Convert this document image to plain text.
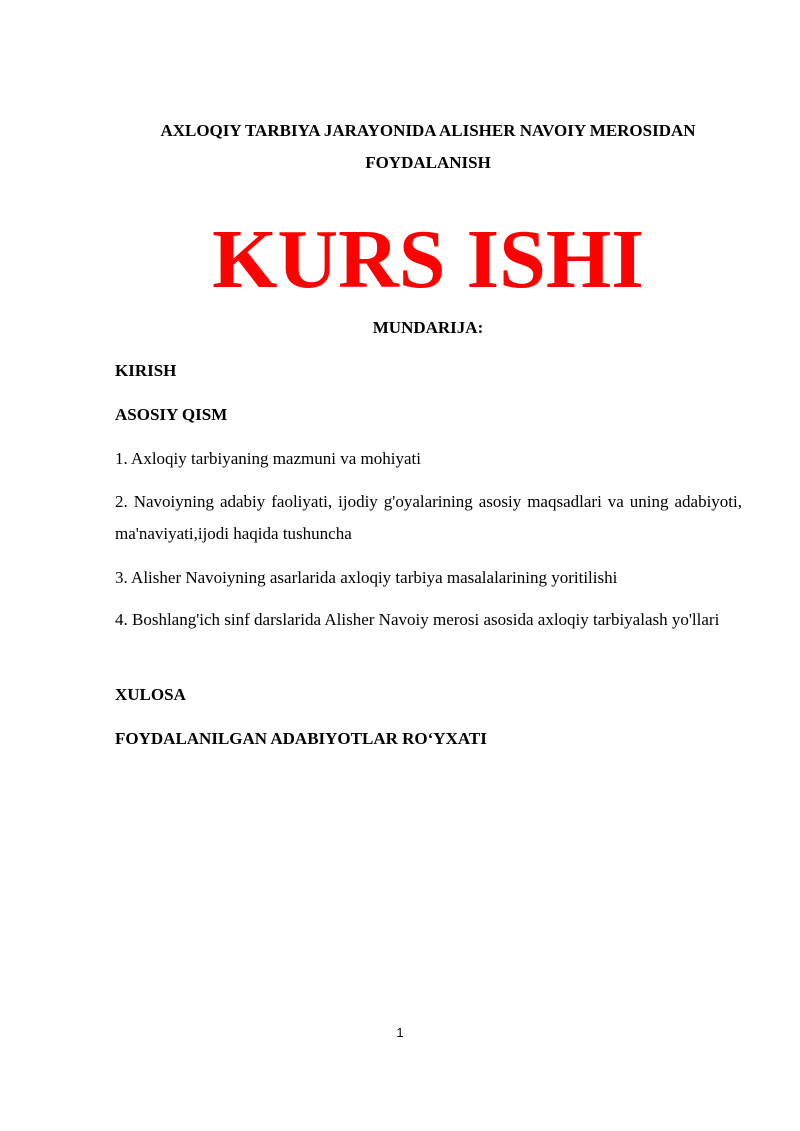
AXLOQIY TARBIYA JARAYONIDA ALISHER NAVOIY MEROSIDAN
FOYDALANISH
KURS ISHI
MUNDARIJA:
KIRISH
ASOSIY QISM
1. Axloqiy tarbiyaning mazmuni va mohiyati
2. Navoiyning adabiy faoliyati, ijodiy g'oyalarining asosiy maqsadlari va uning adabiyoti, ma'naviyati,ijodi haqida tushuncha
3. Alisher Navoiyning asarlarida axloqiy tarbiya masalalarining yoritilishi
4. Boshlang'ich sinf darslarida Alisher Navoiy merosi asosida axloqiy tarbiyalash yo'llari
XULOSA
FOYDALANILGAN ADABIYOTLAR RO‘YXATI
1
